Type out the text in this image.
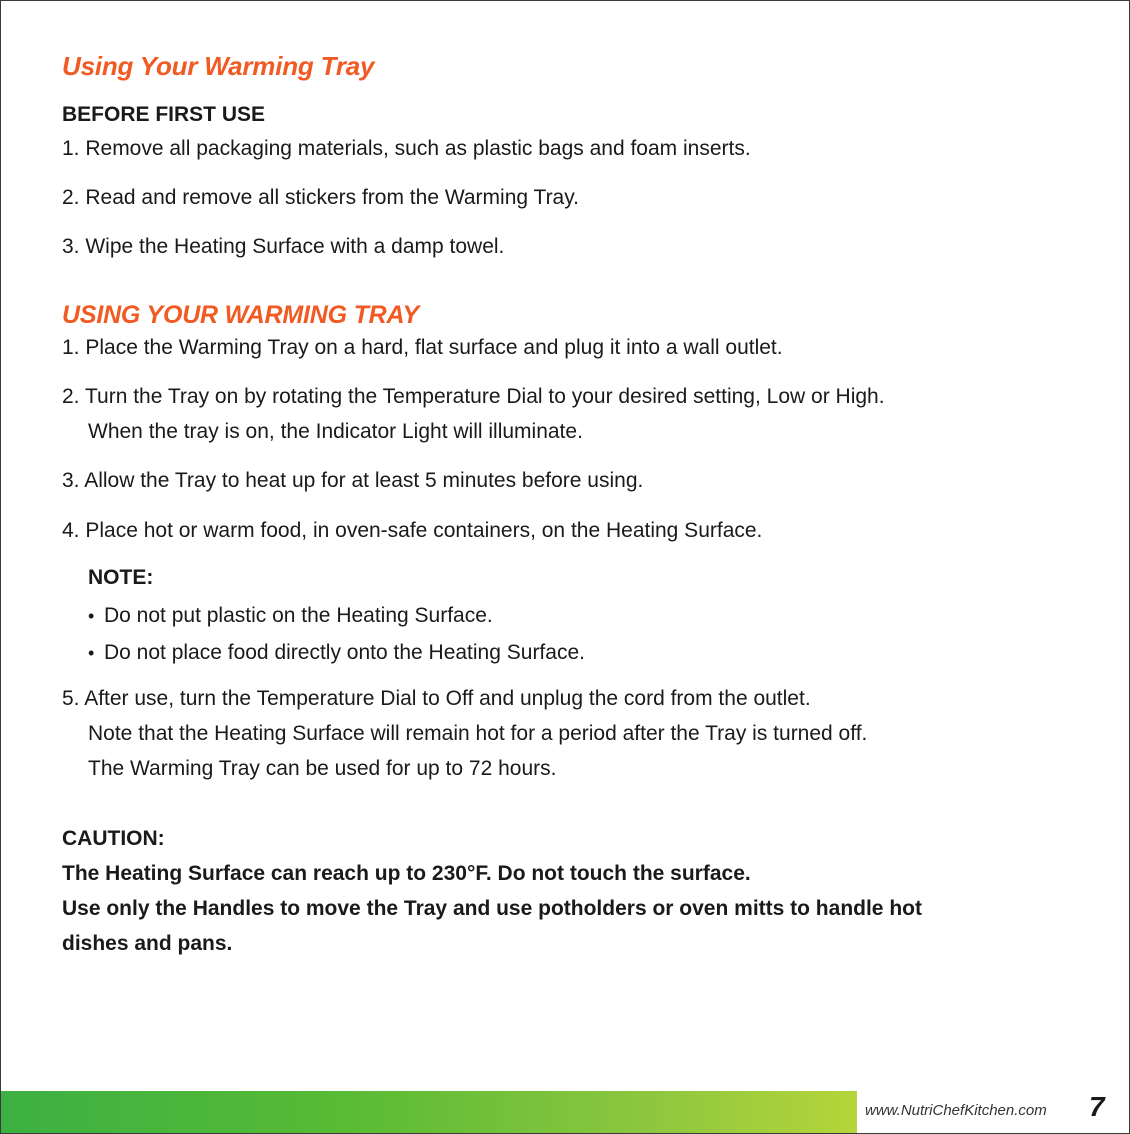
Using Your Warming Tray
BEFORE FIRST USE
1. Remove all packaging materials, such as plastic bags and foam inserts.
2. Read and remove all stickers from the Warming Tray.
3. Wipe the Heating Surface with a damp towel.
USING YOUR WARMING TRAY
1. Place the Warming Tray on a hard, flat surface and plug it into a wall outlet.
2. Turn the Tray on by rotating the Temperature Dial to your desired setting, Low or High.
When the tray is on, the Indicator Light will illuminate.
3. Allow the Tray to heat up for at least 5 minutes before using.
4. Place hot or warm food, in oven-safe containers, on the Heating Surface.
NOTE:
• Do not put plastic on the Heating Surface.
• Do not place food directly onto the Heating Surface.
5. After use, turn the Temperature Dial to Off and unplug the cord from the outlet.
Note that the Heating Surface will remain hot for a period after the Tray is turned off.
The Warming Tray can be used for up to 72 hours.
CAUTION:
The Heating Surface can reach up to 230°F. Do not touch the surface.
Use only the Handles to move the Tray and use potholders or oven mitts to handle hot
dishes and pans.
www.NutriChefKitchen.com 7
